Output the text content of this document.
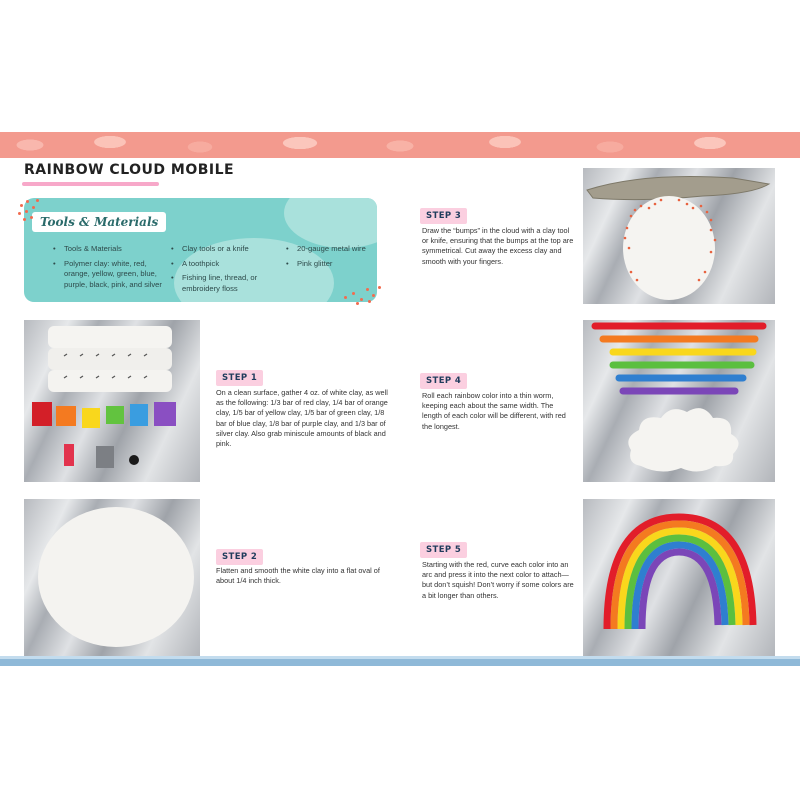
RAINBOW CLOUD MOBILE
Tools & Materials
• Tools & Materials
• Polymer clay: white, red, orange, yellow, green, blue, purple, black, pink, and silver
• Clay tools or a knife
• A toothpick
• Fishing line, thread, or embroidery floss
• 20-gauge metal wire
• Pink glitter
STEP 1

On a clean surface, gather 4 oz. of white clay, as well as the following: 1/3 bar of red clay, 1/4 bar of orange clay, 1/5 bar of yellow clay, 1/5 bar of green clay, 1/8 bar of blue clay, 1/8 bar of purple clay, and 1/3 bar of silver clay. Also grab miniscule amounts of black and pink.

STEP 2

Flatten and smooth the white clay into a flat oval of about 1/4 inch thick.

STEP 3

Draw the “bumps” in the cloud with a clay tool or knife, ensuring that the bumps at the top are symmetrical. Cut away the excess clay and smooth with your fingers.

STEP 4

Roll each rainbow color into a thin worm, keeping each about the same width. The length of each color will be different, with red the longest.

STEP 5

Starting with the red, curve each color into an arc and press it into the next color to attach—but don’t squish! Don’t worry if some colors are a bit longer than others.
